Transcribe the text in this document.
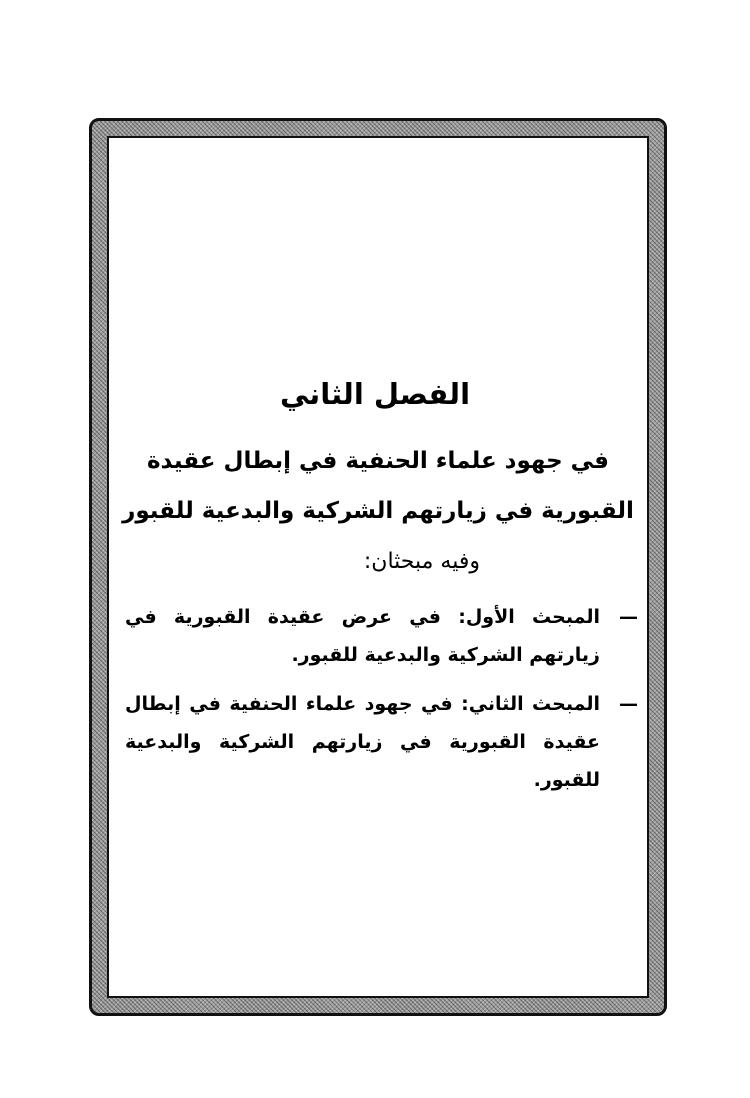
الفصل الثاني
في جهود علماء الحنفية في إبطال عقيدة القبورية في زيارتهم الشركية والبدعية للقبور

وفيه مبحثان:

—
المبحث الأول: في عرض عقيدة القبورية في زيارتهم الشركية والبدعية للقبور.
—
المبحث الثاني: في جهود علماء الحنفية في إبطال عقيدة القبورية في زيارتهم الشركية والبدعية للقبور.
